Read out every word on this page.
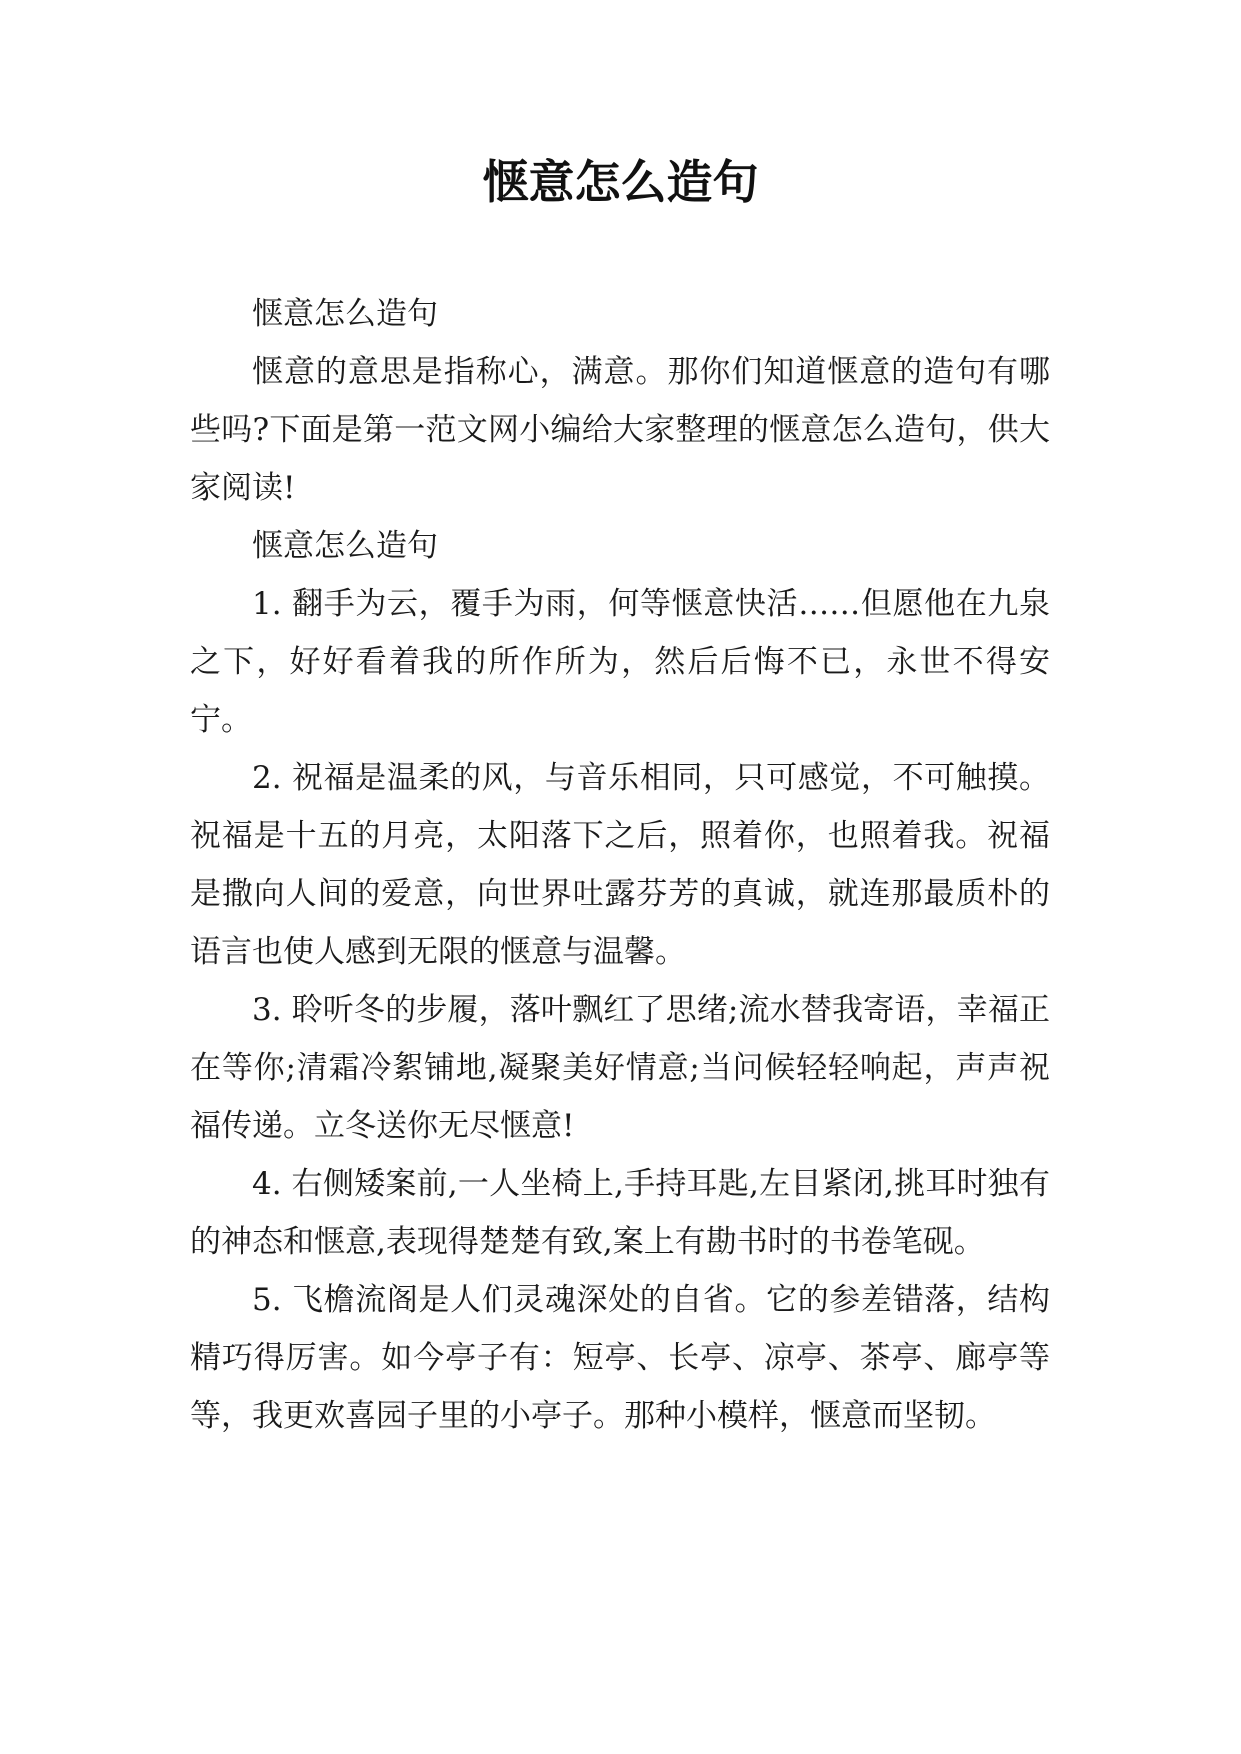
惬意怎么造句

惬意怎么造句

惬意的意思是指称心，满意。那你们知道惬意的造句有哪些吗?下面是第一范文网小编给大家整理的惬意怎么造句，供大家阅读!

惬意怎么造句

1. 翻手为云，覆手为雨，何等惬意快活……但愿他在九泉之下，好好看着我的所作所为，然后后悔不已，永世不得安宁。

2. 祝福是温柔的风，与音乐相同，只可感觉，不可触摸。祝福是十五的月亮，太阳落下之后，照着你，也照着我。祝福是撒向人间的爱意，向世界吐露芬芳的真诚，就连那最质朴的语言也使人感到无限的惬意与温馨。

3. 聆听冬的步履，落叶飘红了思绪;流水替我寄语，幸福正在等你;清霜冷絮铺地,凝聚美好情意;当问候轻轻响起，声声祝福传递。立冬送你无尽惬意!

4. 右侧矮案前,一人坐椅上,手持耳匙,左目紧闭,挑耳时独有的神态和惬意,表现得楚楚有致,案上有勘书时的书卷笔砚。

5. 飞檐流阁是人们灵魂深处的自省。它的参差错落，结构精巧得厉害。如今亭子有：短亭、长亭、凉亭、茶亭、廊亭等等，我更欢喜园子里的小亭子。那种小模样，惬意而坚韧。
